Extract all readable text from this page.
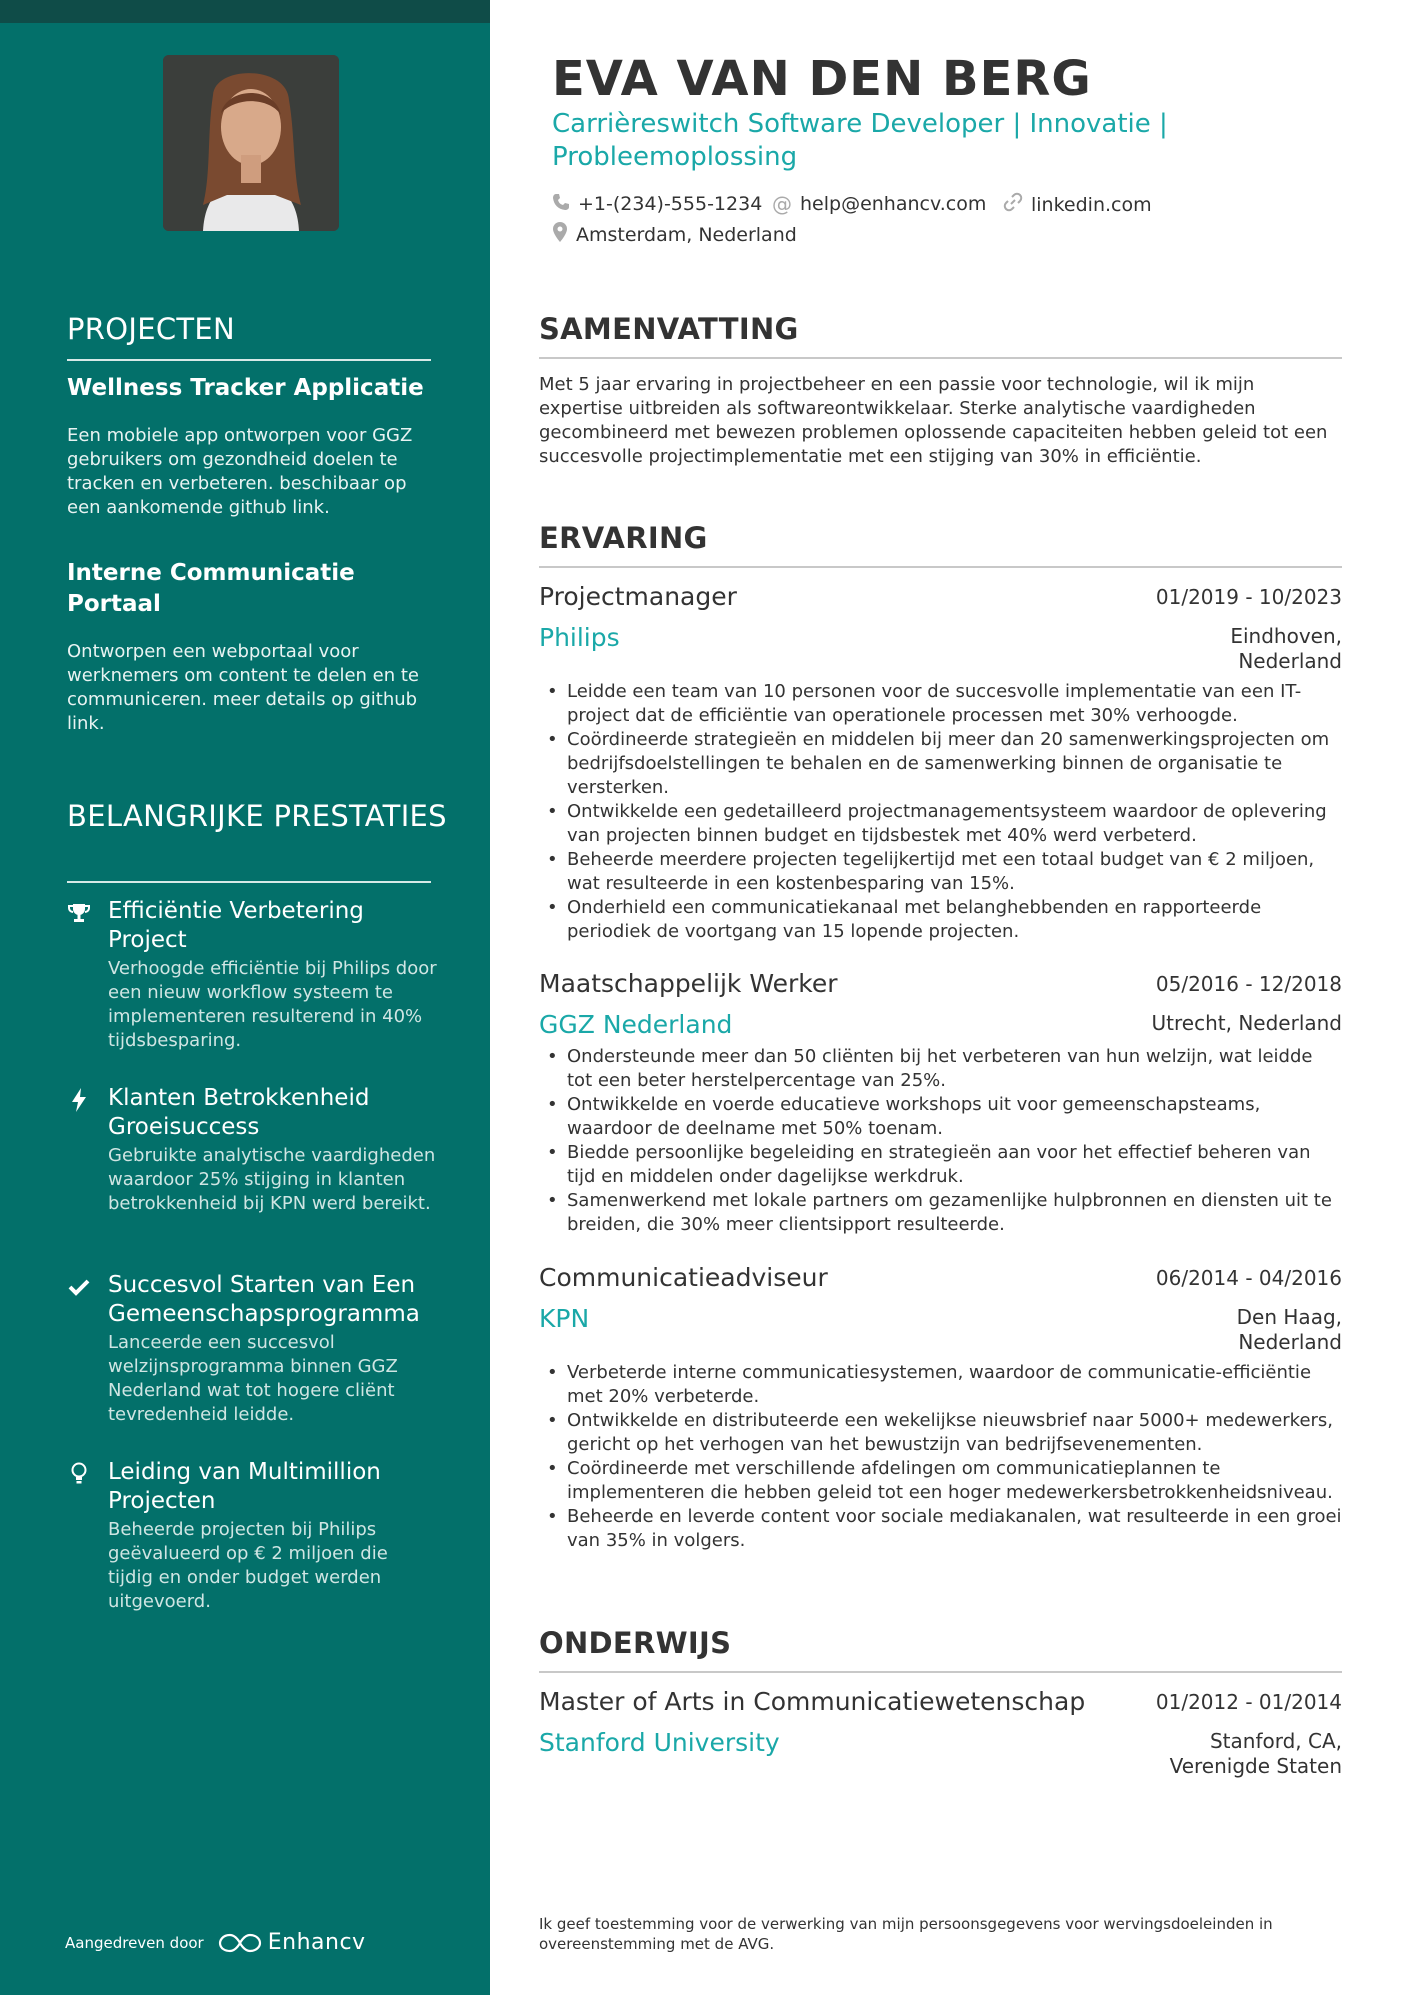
PROJECTEN
Wellness Tracker Applicatie
Een mobiele app ontworpen voor GGZ gebruikers om gezondheid doelen te tracken en verbeteren. beschibaar op een aankomende github link.
Interne Communicatie Portaal
Ontworpen een webportaal voor werknemers om content te delen en te communiceren. meer details op github link.
BELANGRIJKE PRESTATIES
Efficiëntie Verbetering Project
Verhoogde efficiëntie bij Philips door een nieuw workflow systeem te implementeren resulterend in 40% tijdsbesparing.
Klanten Betrokkenheid Groeisuccess
Gebruikte analytische vaardigheden waardoor 25% stijging in klanten betrokkenheid bij KPN werd bereikt.
Succesvol Starten van Een Gemeenschapsprogramma
Lanceerde een succesvol welzijnsprogramma binnen GGZ Nederland wat tot hogere cliënt tevredenheid leidde.
Leiding van Multimillion Projecten
Beheerde projecten bij Philips geëvalueerd op € 2 miljoen die tijdig en onder budget werden uitgevoerd.
Aangedreven door	Enhancv
EVA VAN DEN BERG
Carrièreswitch Software Developer | Innovatie | Probleemoplossing
+1-(234)-555-1234 @ help@enhancv.com linkedin.com
Amsterdam, Nederland
SAMENVATTING

Met 5 jaar ervaring in projectbeheer en een passie voor technologie, wil ik mijn expertise uitbreiden als softwareontwikkelaar. Sterke analytische vaardigheden gecombineerd met bewezen problemen oplossende capaciteiten hebben geleid tot een succesvolle projectimplementatie met een stijging van 30% in efficiëntie.

ERVARING
Projectmanager	01/2019 - 10/2023
Philips	Eindhoven, Nederland
• Leidde een team van 10 personen voor de succesvolle implementatie van een IT-project dat de efficiëntie van operationele processen met 30% verhoogde.
• Coördineerde strategieën en middelen bij meer dan 20 samenwerkingsprojecten om bedrijfsdoelstellingen te behalen en de samenwerking binnen de organisatie te versterken.
• Ontwikkelde een gedetailleerd projectmanagementsysteem waardoor de oplevering van projecten binnen budget en tijdsbestek met 40% werd verbeterd.
• Beheerde meerdere projecten tegelijkertijd met een totaal budget van € 2 miljoen, wat resulteerde in een kostenbesparing van 15%.
• Onderhield een communicatiekanaal met belanghebbenden en rapporteerde periodiek de voortgang van 15 lopende projecten.
Maatschappelijk Werker	05/2016 - 12/2018
GGZ Nederland	Utrecht, Nederland
• Ondersteunde meer dan 50 cliënten bij het verbeteren van hun welzijn, wat leidde tot een beter herstelpercentage van 25%.
• Ontwikkelde en voerde educatieve workshops uit voor gemeenschapsteams, waardoor de deelname met 50% toenam.
• Biedde persoonlijke begeleiding en strategieën aan voor het effectief beheren van tijd en middelen onder dagelijkse werkdruk.
• Samenwerkend met lokale partners om gezamenlijke hulpbronnen en diensten uit te breiden, die 30% meer clientsipport resulteerde.
Communicatieadviseur	06/2014 - 04/2016
KPN	Den Haag, Nederland
• Verbeterde interne communicatiesystemen, waardoor de communicatie-efficiëntie met 20% verbeterde.
• Ontwikkelde en distributeerde een wekelijkse nieuwsbrief naar 5000+ medewerkers, gericht op het verhogen van het bewustzijn van bedrijfsevenementen.
• Coördineerde met verschillende afdelingen om communicatieplannen te implementeren die hebben geleid tot een hoger medewerkersbetrokkenheidsniveau.
• Beheerde en leverde content voor sociale mediakanalen, wat resulteerde in een groei van 35% in volgers.
ONDERWIJS
Master of Arts in Communicatiewetenschap	01/2012 - 01/2014
Stanford University	Stanford, CA, Verenigde Staten

Ik geef toestemming voor de verwerking van mijn persoonsgegevens voor wervingsdoeleinden in overeenstemming met de AVG.
